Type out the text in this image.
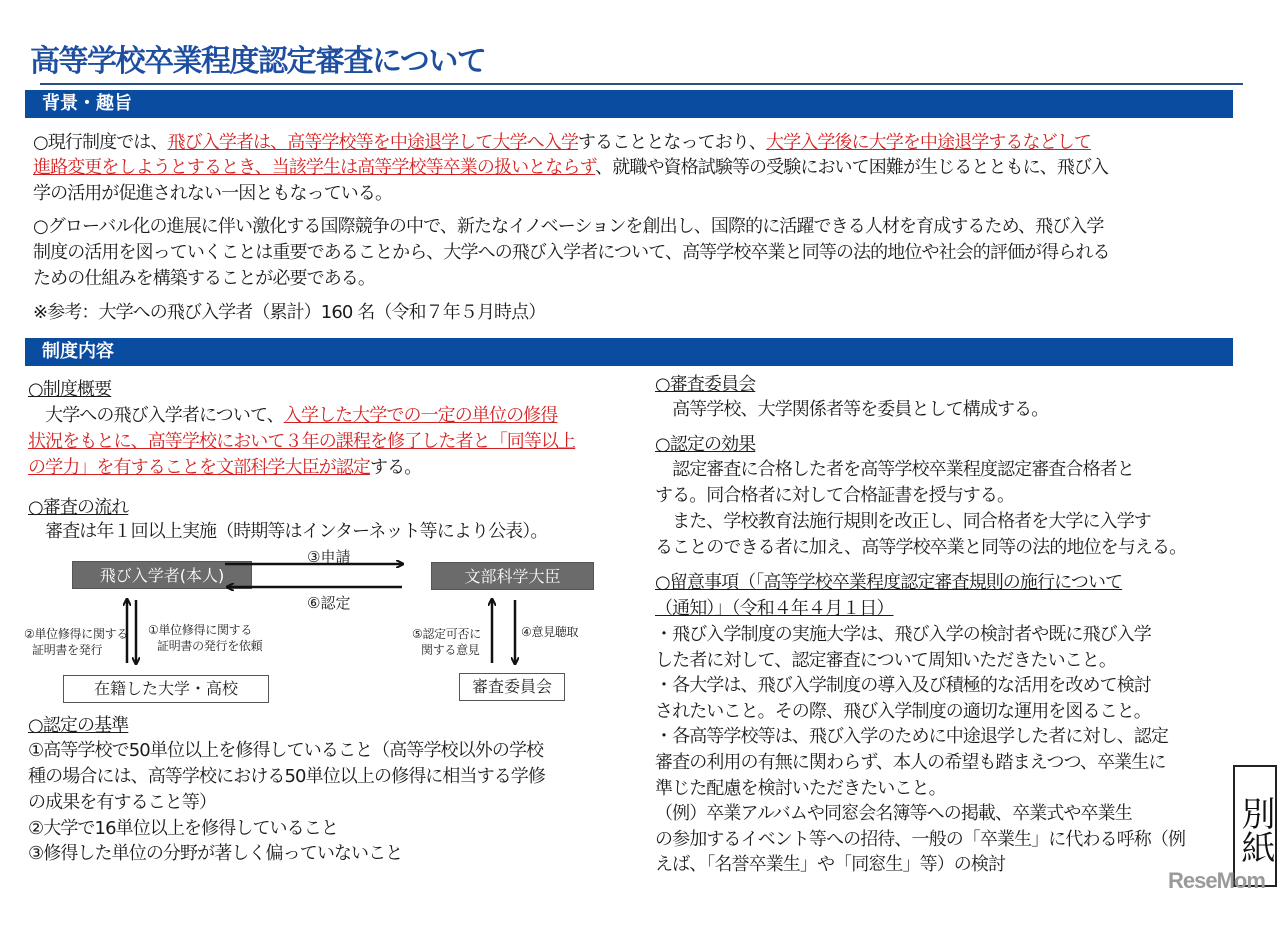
高等学校卒業程度認定審査について
背景・趣旨
○現行制度では、飛び入学者は、高等学校等を中途退学して大学へ入学することとなっており、大学入学後に大学を中途退学するなどして
進路変更をしようとするとき、当該学生は高等学校等卒業の扱いとならず、就職や資格試験等の受験において困難が生じるとともに、飛び入
学の活用が促進されない一因ともなっている。
○グローバル化の進展に伴い激化する国際競争の中で、新たなイノベーションを創出し、国際的に活躍できる人材を育成するため、飛び入学
制度の活用を図っていくことは重要であることから、大学への飛び入学者について、高等学校卒業と同等の法的地位や社会的評価が得られる
ための仕組みを構築することが必要である。
※参考：大学への飛び入学者（累計）160 名（令和７年５月時点）
制度内容
○制度概要
　大学への飛び入学者について、入学した大学での一定の単位の修得
状況をもとに、高等学校において３年の課程を修了した者と「同等以上
の学力」を有することを文部科学大臣が認定する。
○審査の流れ
　審査は年１回以上実施（時期等はインターネット等により公表）。
飛び入学者(本人)	文部科学大臣
在籍した大学・高校	審査委員会
③申請
⑥認定
②単位修得に関する
証明書を発行
①単位修得に関する
証明書の発行を依頼
⑤認定可否に
関する意見
④意見聴取
○認定の基準
①高等学校で50単位以上を修得していること（高等学校以外の学校
種の場合には、高等学校における50単位以上の修得に相当する学修
の成果を有すること等）
②大学で16単位以上を修得していること
③修得した単位の分野が著しく偏っていないこと
○審査委員会
　高等学校、大学関係者等を委員として構成する。
○認定の効果
　認定審査に合格した者を高等学校卒業程度認定審査合格者と
する。同合格者に対して合格証書を授与する。
　また、学校教育法施行規則を改正し、同合格者を大学に入学す
ることのできる者に加え、高等学校卒業と同等の法的地位を与える。
○留意事項（「高等学校卒業程度認定審査規則の施行について
（通知）」（令和４年４月１日）
・飛び入学制度の実施大学は、飛び入学の検討者や既に飛び入学
した者に対して、認定審査について周知いただきたいこと。
・各大学は、飛び入学制度の導入及び積極的な活用を改めて検討
されたいこと。その際、飛び入学制度の適切な運用を図ること。
・各高等学校等は、飛び入学のために中途退学した者に対し、認定
審査の利用の有無に関わらず、本人の希望も踏まえつつ、卒業生に
準じた配慮を検討いただきたいこと。
（例）卒業アルバムや同窓会名簿等への掲載、卒業式や卒業生
の参加するイベント等への招待、一般の「卒業生」に代わる呼称（例
えば、「名誉卒業生」や「同窓生」等）の検討
別紙
ReseMom
